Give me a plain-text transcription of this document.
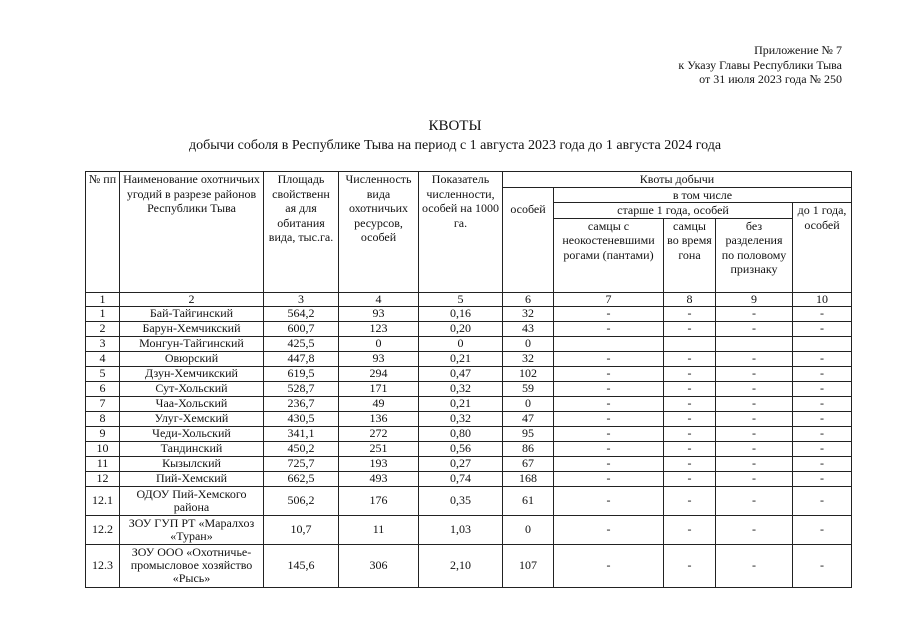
Приложение № 7
к Указу Главы Республики Тыва
от 31 июля 2023 года № 250
КВОТЫ
добычи соболя в Республике Тыва на период с 1 августа 2023 года до 1 августа 2024 года
№ пп	Наименование охотничьих угодий в разрезе районов Республики Тыва	Площадь свойственн ая для обитания вида, тыс.га.	Численность вида охотничьих ресурсов, особей	Показатель численности, особей на 1000 га.	Квоты добычи				
					особей	в том числе			
						старше 1 года, особей			до 1 года, особей
						самцы с неокостеневшими рогами (пантами)	самцы во время гона	без разделения по половому признаку	
1	2	3	4	5	6	7	8	9	10
1	Бай-Тайгинский	564,2	93	0,16	32	-	-	-	-
2	Барун-Хемчикский	600,7	123	0,20	43	-	-	-	-
3	Монгун-Тайгинский	425,5	0	0	0				
4	Овюрский	447,8	93	0,21	32	-	-	-	-
5	Дзун-Хемчикский	619,5	294	0,47	102	-	-	-	-
6	Сут-Хольский	528,7	171	0,32	59	-	-	-	-
7	Чаа-Хольский	236,7	49	0,21	0	-	-	-	-
8	Улуг-Хемский	430,5	136	0,32	47	-	-	-	-
9	Чеди-Хольский	341,1	272	0,80	95	-	-	-	-
10	Тандинский	450,2	251	0,56	86	-	-	-	-
11	Кызылский	725,7	193	0,27	67	-	-	-	-
12	Пий-Хемский	662,5	493	0,74	168	-	-	-	-
12.1	ОДОУ Пий-Хемского района	506,2	176	0,35	61	-	-	-	-
12.2	ЗОУ ГУП РТ «Маралхоз «Туран»	10,7	11	1,03	0	-	-	-	-
12.3	ЗОУ ООО «Охотничье-промысловое хозяйство «Рысь»	145,6	306	2,10	107	-	-	-	-
